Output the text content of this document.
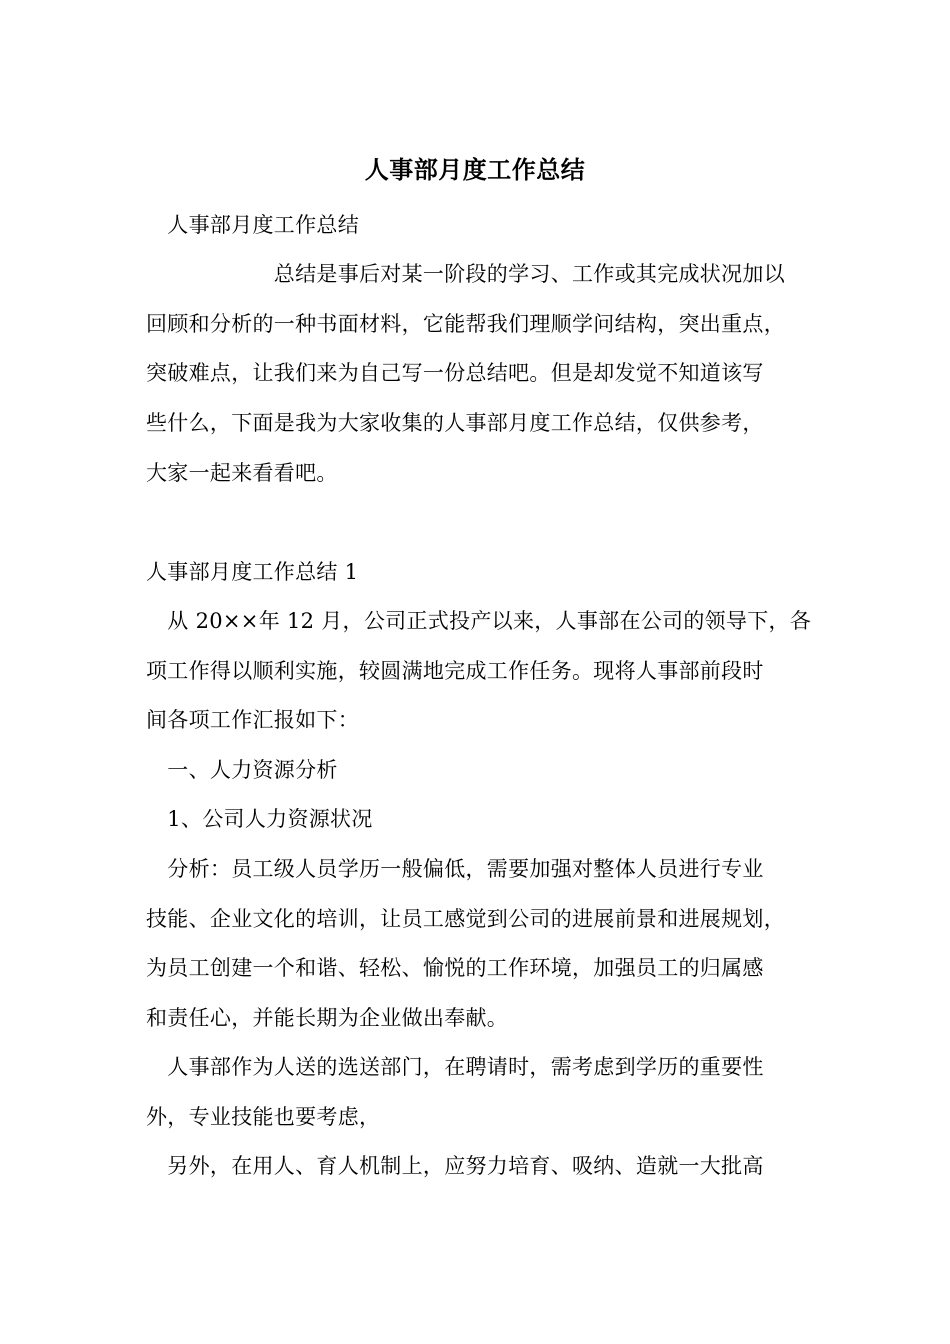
人事部月度工作总结
　人事部月度工作总结
　　　　　　总结是事后对某一阶段的学习、工作或其完成状况加以
回顾和分析的一种书面材料，它能帮我们理顺学问结构，突出重点，
突破难点，让我们来为自己写一份总结吧。但是却发觉不知道该写
些什么，下面是我为大家收集的人事部月度工作总结，仅供参考，
大家一起来看看吧。
人事部月度工作总结 1
　从 20××年 12 月，公司正式投产以来，人事部在公司的领导下，各
项工作得以顺利实施，较圆满地完成工作任务。现将人事部前段时
间各项工作汇报如下：
　一、人力资源分析
　1、公司人力资源状况
　分析：员工级人员学历一般偏低，需要加强对整体人员进行专业
技能、企业文化的培训，让员工感觉到公司的进展前景和进展规划，
为员工创建一个和谐、轻松、愉悦的工作环境，加强员工的归属感
和责任心，并能长期为企业做出奉献。
　人事部作为人送的选送部门，在聘请时，需考虑到学历的重要性
外，专业技能也要考虑，
　另外，在用人、育人机制上，应努力培育、吸纳、造就一大批高
